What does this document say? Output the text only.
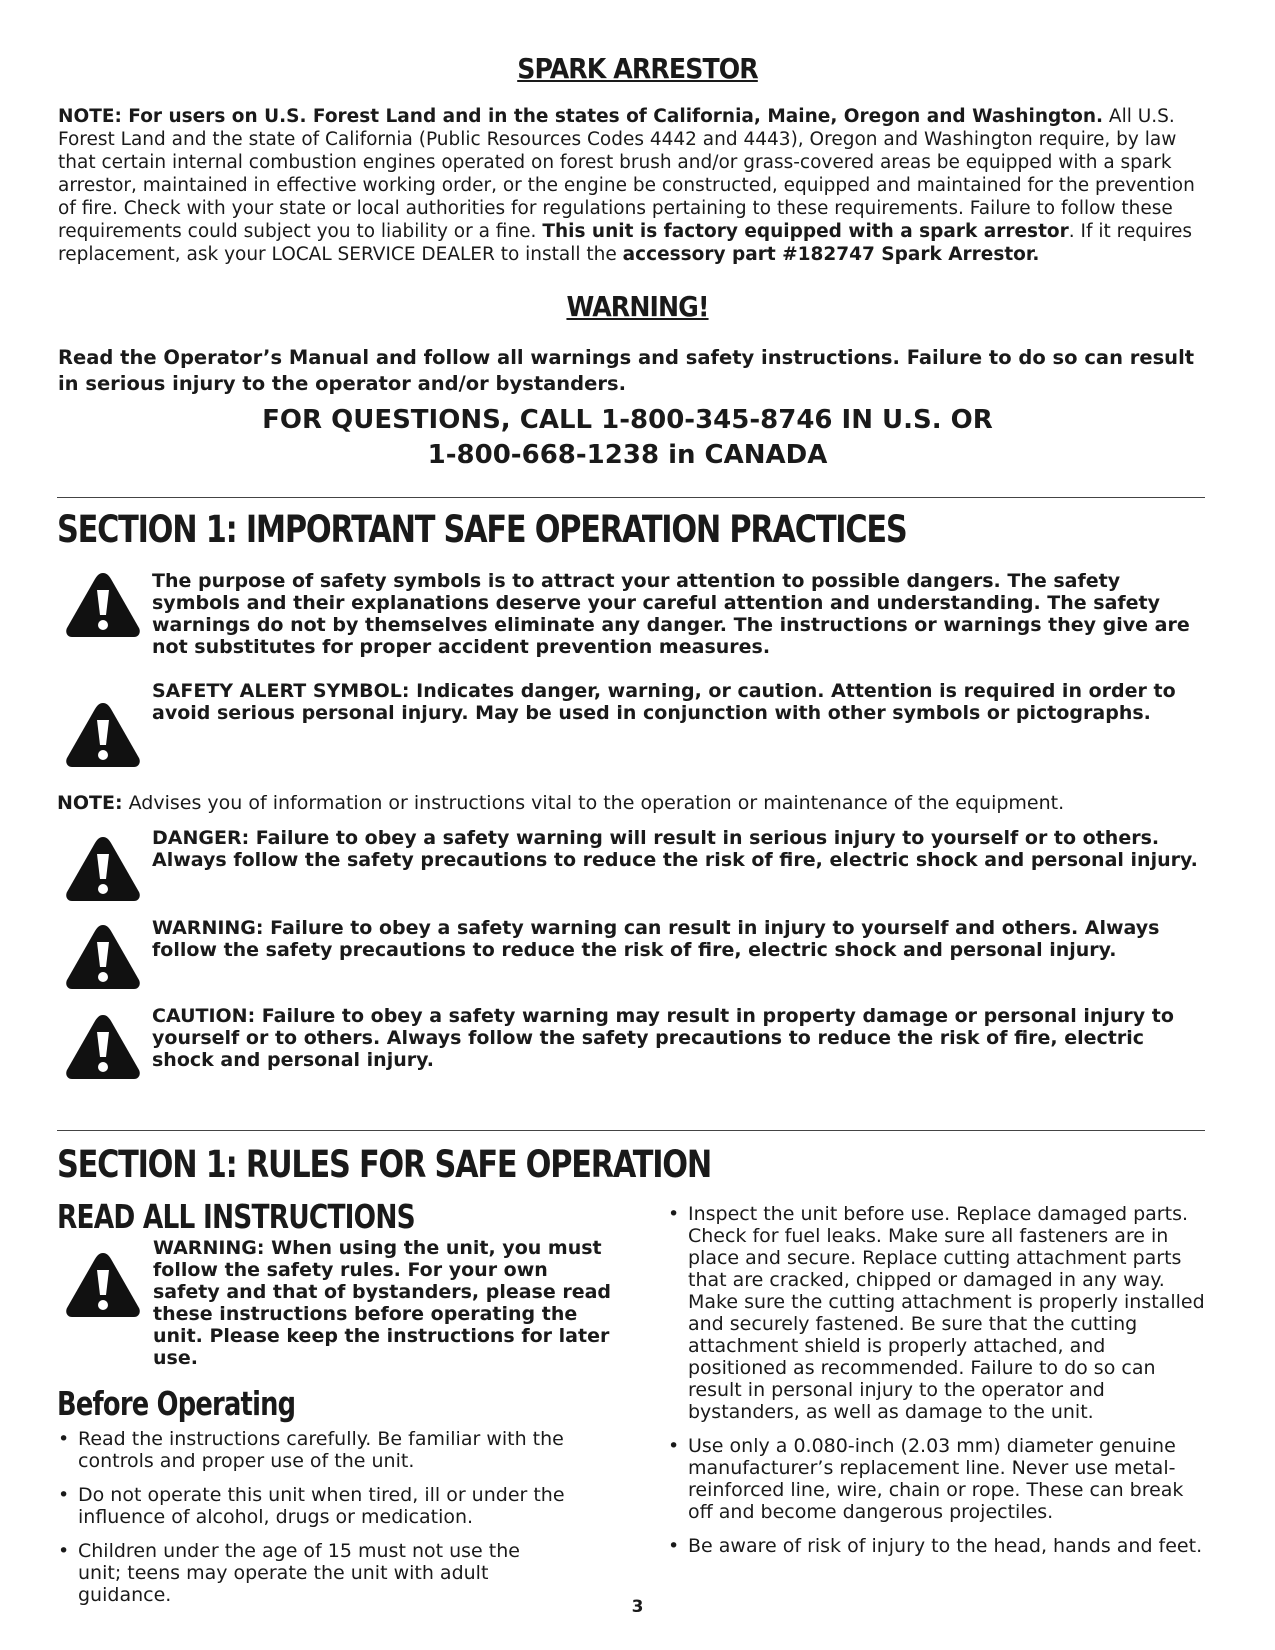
SPARK ARRESTOR
NOTE: For users on U.S. Forest Land and in the states of California, Maine, Oregon and Washington. All U.S. Forest Land and the state of California (Public Resources Codes 4442 and 4443), Oregon and Washington require, by law that certain internal combustion engines operated on forest brush and/or grass-covered areas be equipped with a spark arrestor, maintained in effective working order, or the engine be constructed, equipped and maintained for the prevention of fire. Check with your state or local authorities for regulations pertaining to these requirements. Failure to follow these requirements could subject you to liability or a fine. This unit is factory equipped with a spark arrestor. If it requires replacement, ask your LOCAL SERVICE DEALER to install the accessory part #182747 Spark Arrestor.
WARNING!
Read the Operator’s Manual and follow all warnings and safety instructions. Failure to do so can result in serious injury to the operator and/or bystanders.
FOR QUESTIONS, CALL 1-800-345-8746 IN U.S. OR
1-800-668-1238 in CANADA
SECTION 1: IMPORTANT SAFE OPERATION PRACTICES
The purpose of safety symbols is to attract your attention to possible dangers. The safety symbols and their explanations deserve your careful attention and understanding. The safety warnings do not by themselves eliminate any danger. The instructions or warnings they give are not substitutes for proper accident prevention measures.
SAFETY ALERT SYMBOL: Indicates danger, warning, or caution. Attention is required in order to avoid serious personal injury. May be used in conjunction with other symbols or pictographs.
NOTE: Advises you of information or instructions vital to the operation or maintenance of the equipment.
DANGER: Failure to obey a safety warning will result in serious injury to yourself or to others. Always follow the safety precautions to reduce the risk of fire, electric shock and personal injury.
WARNING: Failure to obey a safety warning can result in injury to yourself and others. Always follow the safety precautions to reduce the risk of fire, electric shock and personal injury.
CAUTION: Failure to obey a safety warning may result in property damage or personal injury to yourself or to others. Always follow the safety precautions to reduce the risk of fire, electric shock and personal injury.
SECTION 1: RULES FOR SAFE OPERATION
READ ALL INSTRUCTIONS
WARNING: When using the unit, you must follow the safety rules. For your own safety and that of bystanders, please read these instructions before operating the unit. Please keep the instructions for later use.
Before Operating
• Read the instructions carefully. Be familiar with the controls and proper use of the unit.
• Do not operate this unit when tired, ill or under the influence of alcohol, drugs or medication.
• Children under the age of 15 must not use the unit; teens may operate the unit with adult guidance.
• Inspect the unit before use. Replace damaged parts. Check for fuel leaks. Make sure all fasteners are in place and secure. Replace cutting attachment parts that are cracked, chipped or damaged in any way. Make sure the cutting attachment is properly installed and securely fastened. Be sure that the cutting attachment shield is properly attached, and positioned as recommended. Failure to do so can result in personal injury to the operator and bystanders, as well as damage to the unit.
• Use only a 0.080-inch (2.03 mm) diameter genuine manufacturer’s replacement line. Never use metal-reinforced line, wire, chain or rope. These can break off and become dangerous projectiles.
• Be aware of risk of injury to the head, hands and feet.
3
